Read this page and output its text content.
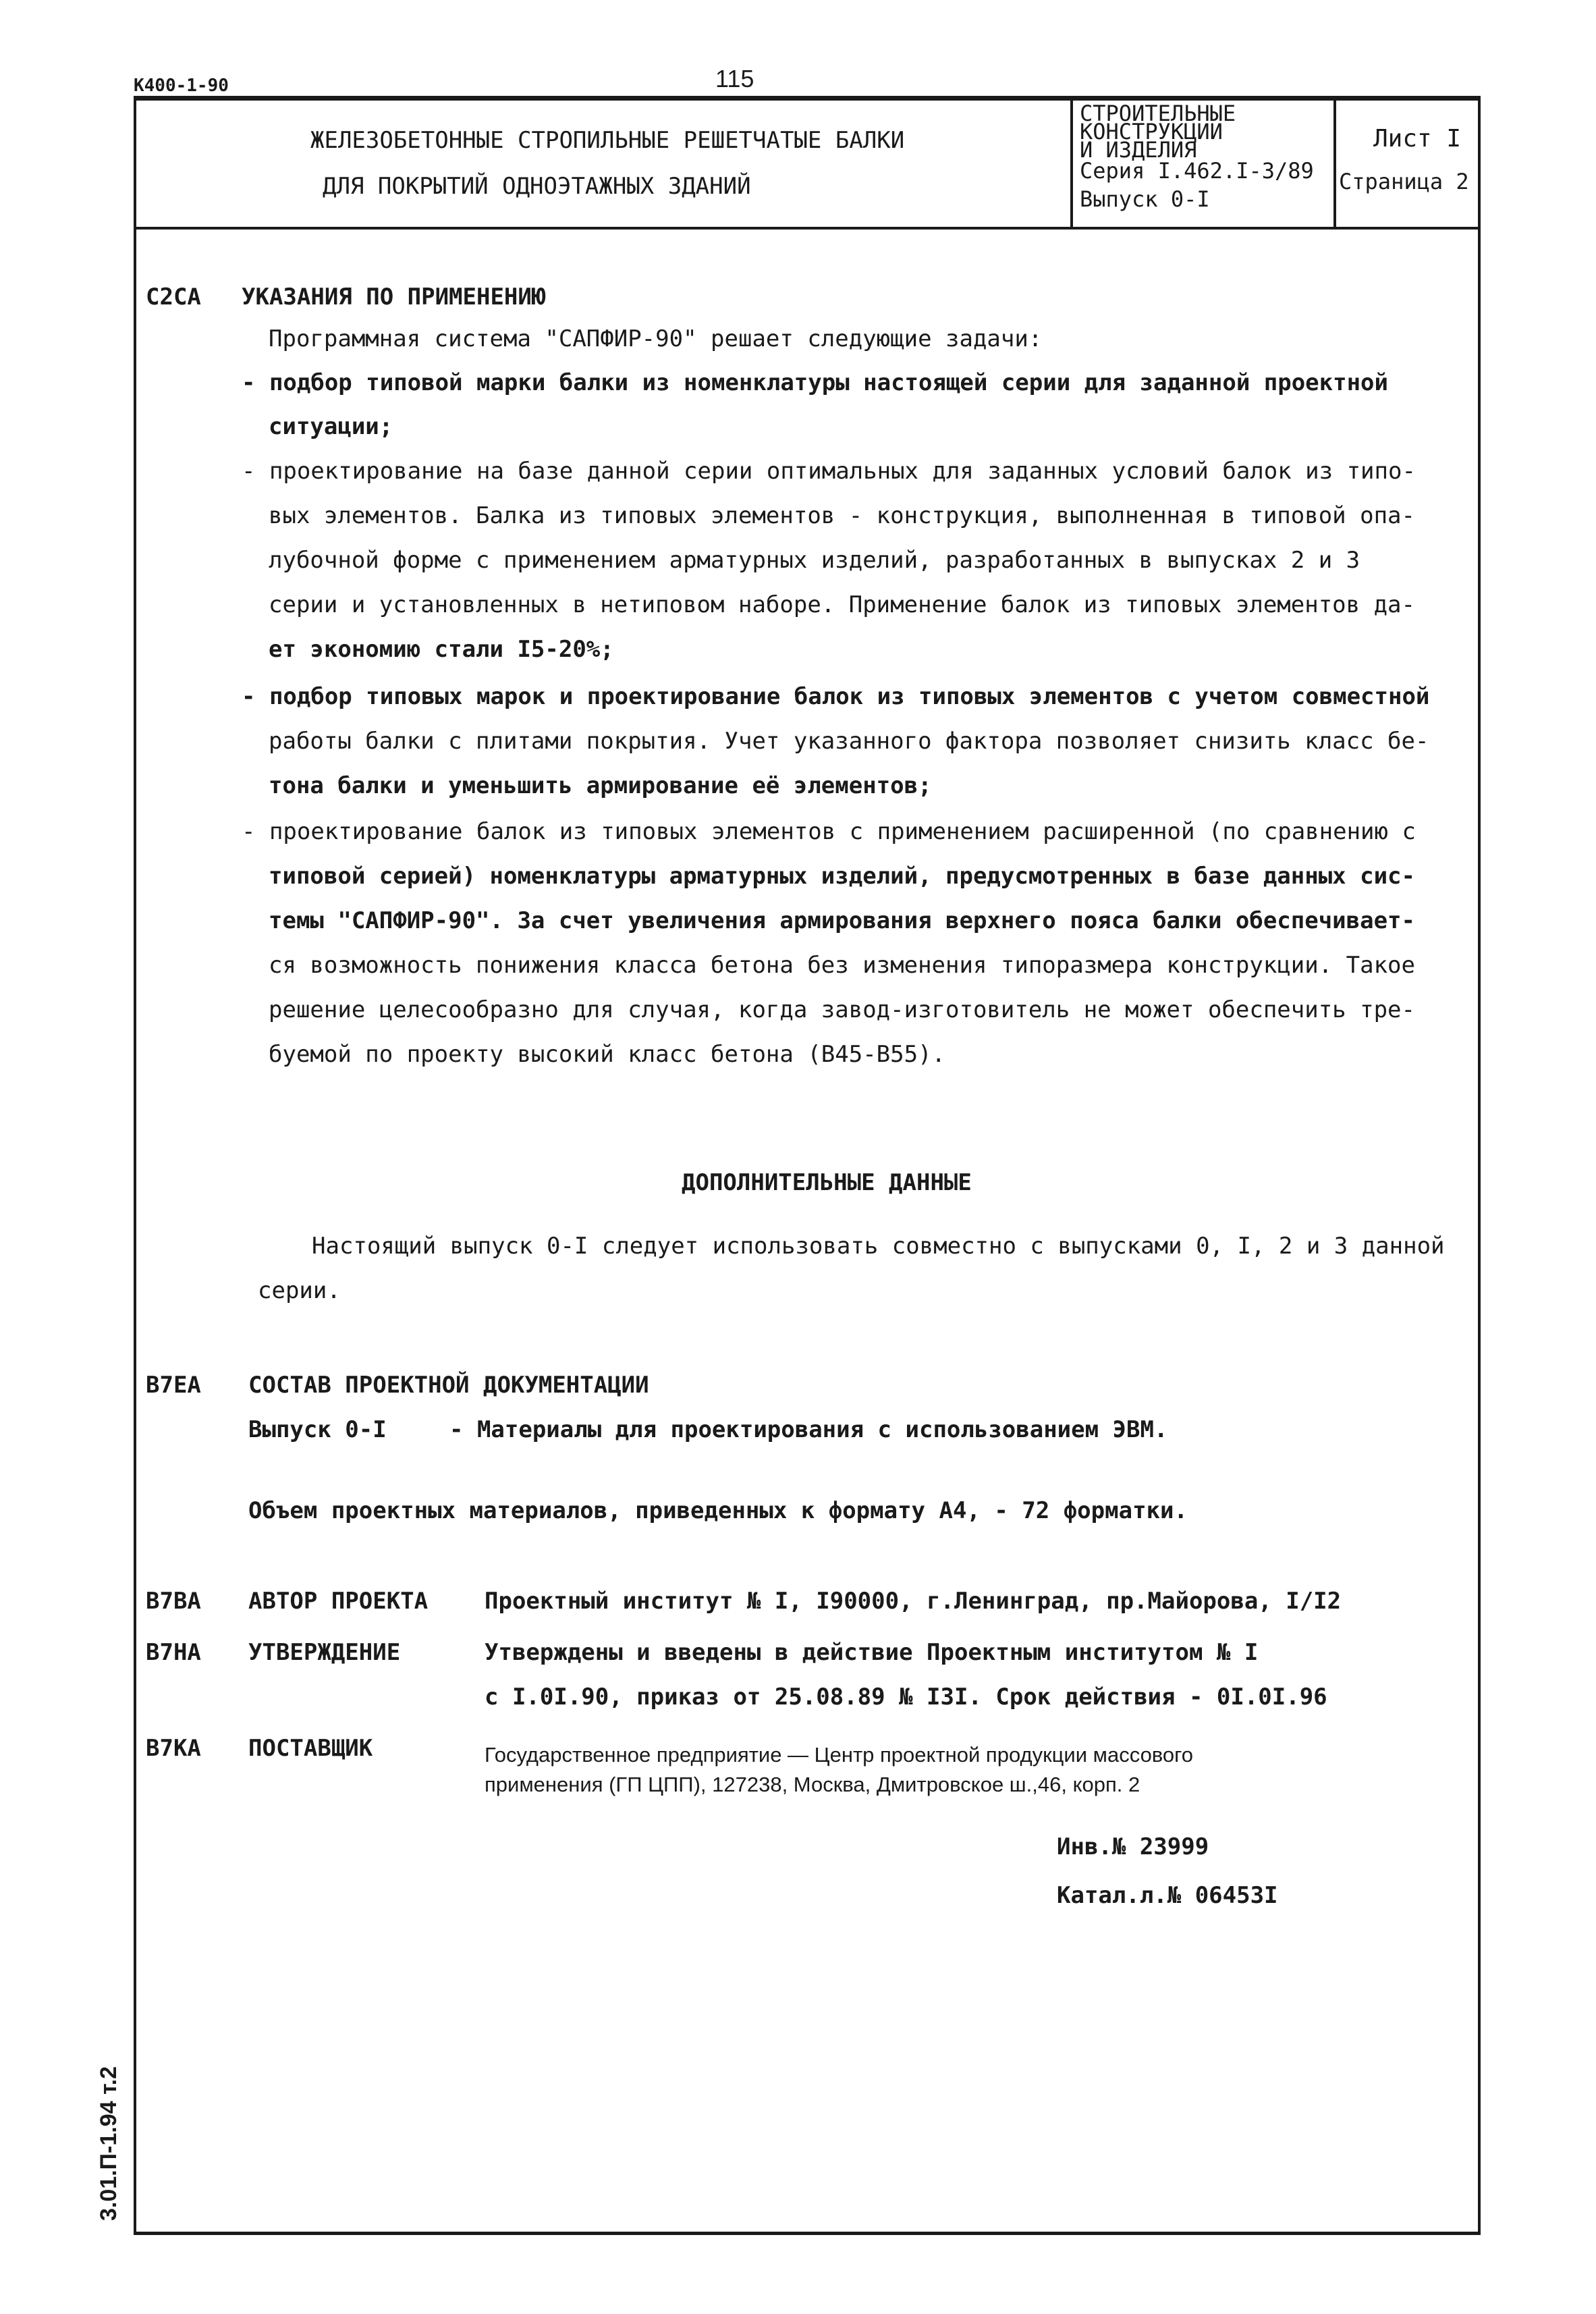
К400-1-90	115
ЖЕЛЕЗОБЕТОННЫЕ СТРОПИЛЬНЫЕ РЕШЕТЧАТЫЕ БАЛКИ
ДЛЯ ПОКРЫТИЙ ОДНОЭТАЖНЫХ ЗДАНИЙ
СТРОИТЕЛЬНЫЕ
КОНСТРУКЦИИ
И ИЗДЕЛИЯ
Серия I.462.I-3/89
Выпуск 0-I
Лист I
Страница 2
С2СА УКАЗАНИЯ ПО ПРИМЕНЕНИЮ
Программная система "САПФИР-90" решает следующие задачи:
- подбор типовой марки балки из номенклатуры настоящей серии для заданной проектной
ситуации;
- проектирование на базе данной серии оптимальных для заданных условий балок из типо-
вых элементов. Балка из типовых элементов - конструкция, выполненная в типовой опа-
лубочной форме с применением арматурных изделий, разработанных в выпусках 2 и 3
серии и установленных в нетиповом наборе. Применение балок из типовых элементов да-
ет экономию стали I5-20%;
- подбор типовых марок и проектирование балок из типовых элементов с учетом совместной
работы балки с плитами покрытия. Учет указанного фактора позволяет снизить класс бе-
тона балки и уменьшить армирование её элементов;
- проектирование балок из типовых элементов с применением расширенной (по сравнению с
типовой серией) номенклатуры арматурных изделий, предусмотренных в базе данных сис-
темы "САПФИР-90". За счет увеличения армирования верхнего пояса балки обеспечивает-
ся возможность понижения класса бетона без изменения типоразмера конструкции. Такое
решение целесообразно для случая, когда завод-изготовитель не может обеспечить тре-
буемой по проекту высокий класс бетона (В45-В55).
ДОПОЛНИТЕЛЬНЫЕ ДАННЫЕ
Настоящий выпуск 0-I следует использовать совместно с выпусками 0, I, 2 и 3 данной
серии.
В7ЕА СОСТАВ ПРОЕКТНОЙ ДОКУМЕНТАЦИИ
Выпуск 0-I	- Материалы для проектирования с использованием ЭВМ.
Объем проектных материалов, приведенных к формату А4, - 72 форматки.
В7ВА АВТОР ПРОЕКТА Проектный институт № I, I90000, г.Ленинград, пр.Майорова, I/I2
В7НА УТВЕРЖДЕНИЕ	Утверждены и введены в действие Проектным институтом № I
с I.0I.90, приказ от 25.08.89 № I3I. Срок действия - 0I.0I.96
В7КА ПОСТАВЩИК	Государственное предприятие — Центр проектной продукции массового
применения (ГП ЦПП), 127238, Москва, Дмитровское ш.,46, корп. 2
Инв.№ 23999
Катал.л.№ 06453I
3.01.П-1.94 т.2
